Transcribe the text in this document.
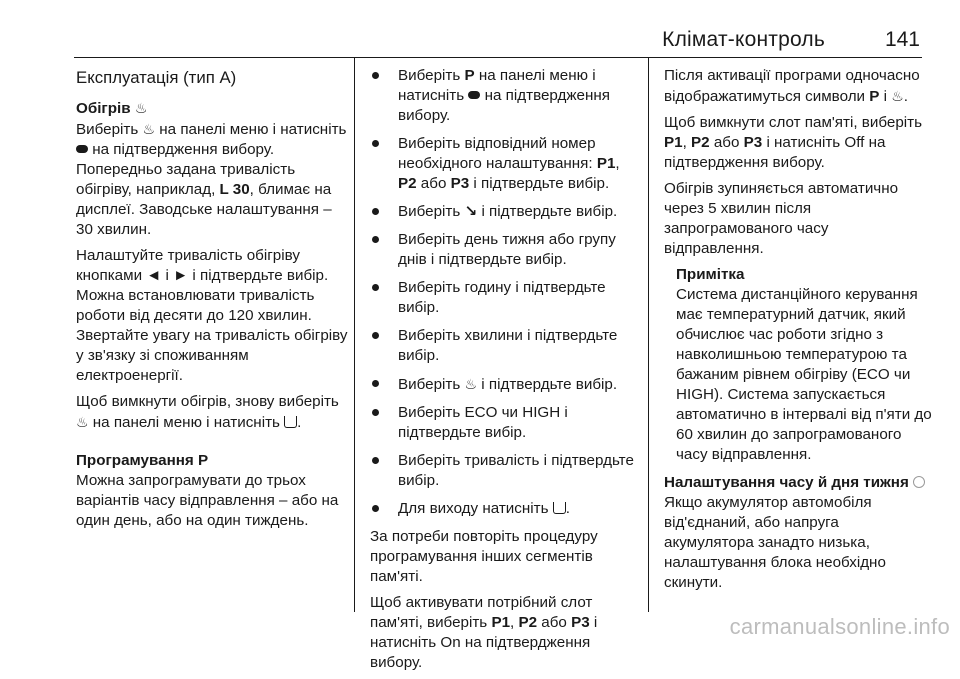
Клімат-контроль	141
Експлуатація (тип А)

Обігрів ♨

Виберіть ♨ на панелі меню і натисніть  на підтвердження вибору. Попередньо задана тривалість обігріву, наприклад, L 30, блимає на дисплеї. Заводське налаштування – 30 хвилин.

Налаштуйте тривалість обігріву кнопками ◄ і ► і підтвердьте вибір. Можна встановлювати тривалість роботи від десяти до 120 хвилин. Звертайте увагу на тривалість обігріву у зв'язку зі споживанням електроенергії.

Щоб вимкнути обігрів, знову виберіть ♨ на панелі меню і натисніть .

Програмування P

Можна запрограмувати до трьох варіантів часу відправлення – або на один день, або на один тиждень.

Виберіть P на панелі меню і натисніть  на підтвердження вибору.
Виберіть відповідний номер необхідного налаштування: P1, P2 або P3 і підтвердьте вибір.
Виберіть ↘ і підтвердьте вибір.
Виберіть день тижня або групу днів і підтвердьте вибір.
Виберіть годину і підтвердьте вибір.
Виберіть хвилини і підтвердьте вибір.
Виберіть ♨ і підтвердьте вибір.
Виберіть ECO чи HIGH і підтвердьте вибір.
Виберіть тривалість і підтвердьте вибір.
Для виходу натисніть .

За потреби повторіть процедуру програмування інших сегментів пам'яті.

Щоб активувати потрібний слот пам'яті, виберіть P1, P2 або P3 і натисніть On на підтвердження вибору.

Після активації програми одночасно відображатимуться символи P і ♨.

Щоб вимкнути слот пам'яті, виберіть P1, P2 або P3 і натисніть Off на підтвердження вибору.

Обігрів зупиняється автоматично через 5 хвилин після запрограмованого часу відправлення.

Примітка

Система дистанційного керування має температурний датчик, який обчислює час роботи згідно з навколишньою температурою та бажаним рівнем обігріву (ECO чи HIGH). Система запускається автоматично в інтервалі від п'яти до 60 хвилин до запрограмованого часу відправлення.

Налаштування часу й дня тижня

Якщо акумулятор автомобіля від'єднаний, або напруга акумулятора занадто низька, налаштування блока необхідно скинути.

carmanualsonline.info
